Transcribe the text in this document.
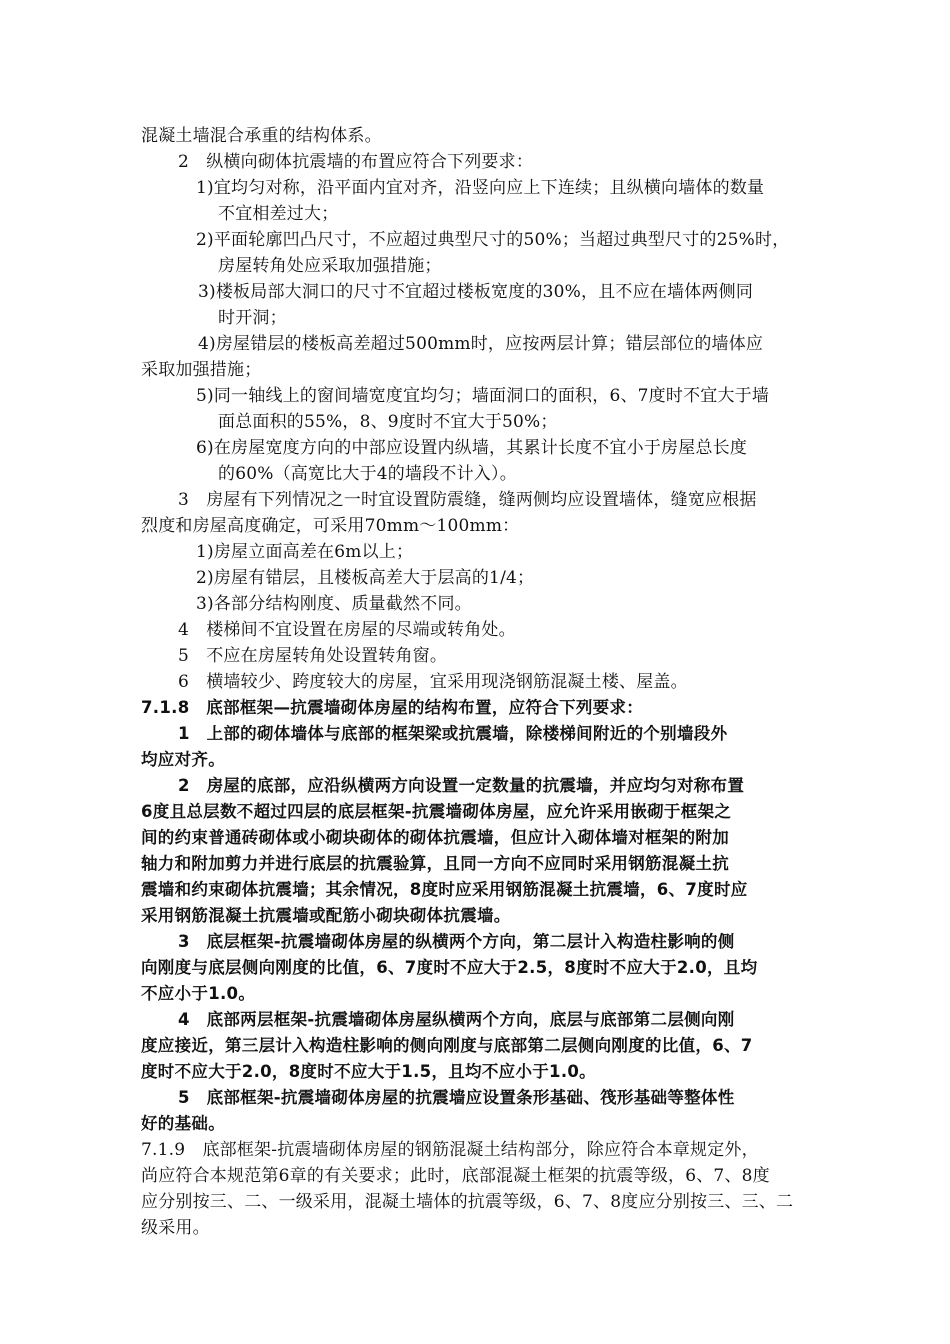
混凝土墙混合承重的结构体系。
2　纵横向砌体抗震墙的布置应符合下列要求：
1)宜均匀对称，沿平面内宜对齐，沿竖向应上下连续；且纵横向墙体的数量
不宜相差过大；
2)平面轮廓凹凸尺寸，不应超过典型尺寸的50%；当超过典型尺寸的25%时，
房屋转角处应采取加强措施；
3)楼板局部大洞口的尺寸不宜超过楼板宽度的30%，且不应在墙体两侧同
时开洞；
4)房屋错层的楼板高差超过500mm时，应按两层计算；错层部位的墙体应
采取加强措施；
5)同一轴线上的窗间墙宽度宜均匀；墙面洞口的面积，6、7度时不宜大于墙
面总面积的55%，8、9度时不宜大于50%；
6)在房屋宽度方向的中部应设置内纵墙，其累计长度不宜小于房屋总长度
的60%（高宽比大于4的墙段不计入）。
3　房屋有下列情况之一时宜设置防震缝，缝两侧均应设置墙体，缝宽应根据
烈度和房屋高度确定，可采用70mm～100mm：
1)房屋立面高差在6m以上；
2)房屋有错层，且楼板高差大于层高的1/4；
3)各部分结构刚度、质量截然不同。
4　楼梯间不宜设置在房屋的尽端或转角处。
5　不应在房屋转角处设置转角窗。
6　横墙较少、跨度较大的房屋，宜采用现浇钢筋混凝土楼、屋盖。
7.1.8　底部框架—抗震墙砌体房屋的结构布置，应符合下列要求：
1　上部的砌体墙体与底部的框架梁或抗震墙，除楼梯间附近的个别墙段外
均应对齐。
2　房屋的底部，应沿纵横两方向设置一定数量的抗震墙，并应均匀对称布置
6度且总层数不超过四层的底层框架-抗震墙砌体房屋，应允许采用嵌砌于框架之
间的约束普通砖砌体或小砌块砌体的砌体抗震墙，但应计入砌体墙对框架的附加
轴力和附加剪力并进行底层的抗震验算，且同一方向不应同时采用钢筋混凝土抗
震墙和约束砌体抗震墙；其余情况，8度时应采用钢筋混凝土抗震墙，6、7度时应
采用钢筋混凝土抗震墙或配筋小砌块砌体抗震墙。
3　底层框架-抗震墙砌体房屋的纵横两个方向，第二层计入构造柱影响的侧
向刚度与底层侧向刚度的比值，6、7度时不应大于2.5，8度时不应大于2.0，且均
不应小于1.0。
4　底部两层框架-抗震墙砌体房屋纵横两个方向，底层与底部第二层侧向刚
度应接近，第三层计入构造柱影响的侧向刚度与底部第二层侧向刚度的比值，6、7
度时不应大于2.0，8度时不应大于1.5，且均不应小于1.0。
5　底部框架-抗震墙砌体房屋的抗震墙应设置条形基础、筏形基础等整体性
好的基础。
7.1.9　底部框架-抗震墙砌体房屋的钢筋混凝土结构部分，除应符合本章规定外，
尚应符合本规范第6章的有关要求；此时，底部混凝土框架的抗震等级，6、7、8度
应分别按三、二、一级采用，混凝土墙体的抗震等级，6、7、8度应分别按三、三、二
级采用。
